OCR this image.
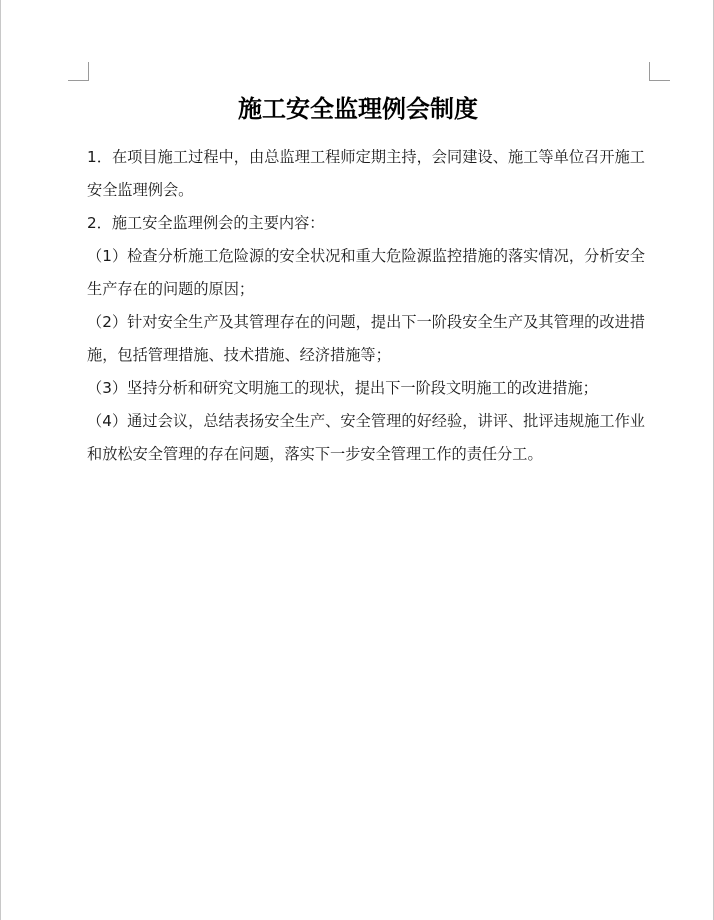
施工安全监理例会制度

1．在项目施工过程中，由总监理工程师定期主持，会同建设、施工等单位召开施工安全监理例会。

2．施工安全监理例会的主要内容：

（1）检查分析施工危险源的安全状况和重大危险源监控措施的落实情况，分析安全生产存在的问题的原因；

（2）针对安全生产及其管理存在的问题，提出下一阶段安全生产及其管理的改进措施，包括管理措施、技术措施、经济措施等；

（3）坚持分析和研究文明施工的现状，提出下一阶段文明施工的改进措施；

（4）通过会议，总结表扬安全生产、安全管理的好经验，讲评、批评违规施工作业和放松安全管理的存在问题，落实下一步安全管理工作的责任分工。
